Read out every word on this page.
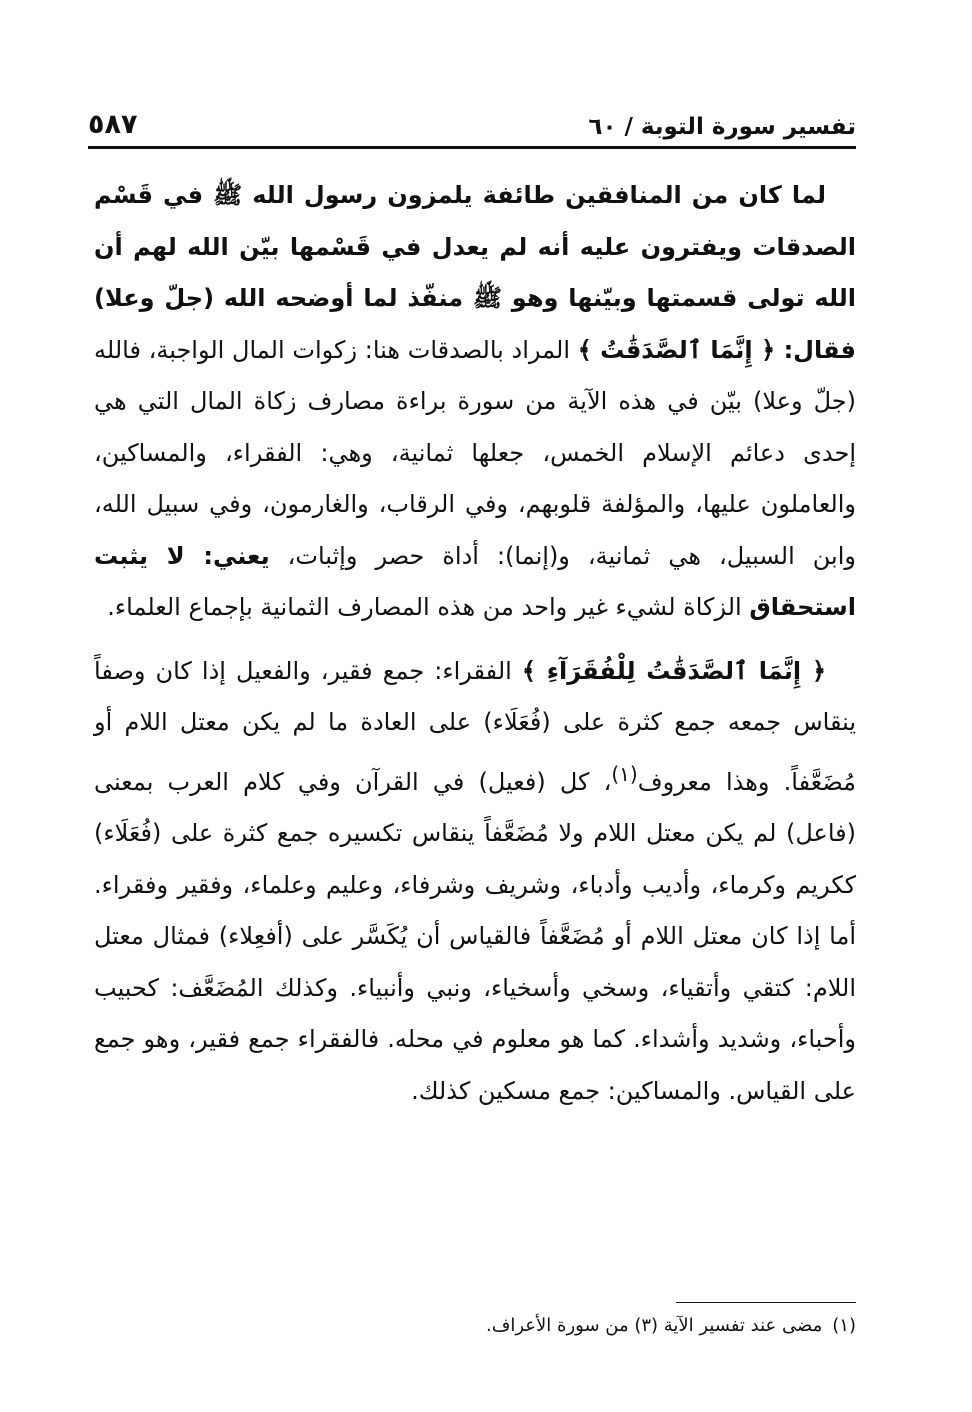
تفسير سورة التوبة / ٦٠
٥٨٧

لما كان من المنافقين طائفة يلمزون رسول الله ﷺ في قَسْم الصدقات ويفترون عليه أنه لم يعدل في قَسْمها بيّن الله لهم أن الله تولى قسمتها وبيّنها وهو ﷺ منفّذ لما أوضحه الله (جلّ وعلا) فقال: ﴿ إِنَّمَا ٱلصَّدَقَٰتُ ﴾ المراد بالصدقات هنا: زكوات المال الواجبة، فالله (جلّ وعلا) بيّن في هذه الآية من سورة براءة مصارف زكاة المال التي هي إحدى دعائم الإسلام الخمس، جعلها ثمانية، وهي: الفقراء، والمساكين، والعاملون عليها، والمؤلفة قلوبهم، وفي الرقاب، والغارمون، وفي سبيل الله، وابن السبيل، هي ثمانية، و(إنما): أداة حصر وإثبات، يعني: لا يثبت استحقاق الزكاة لشيء غير واحد من هذه المصارف الثمانية بإجماع العلماء.

﴿ إِنَّمَا ٱلصَّدَقَٰتُ لِلْفُقَرَآءِ ﴾ الفقراء: جمع فقير، والفعيل إذا كان وصفاً ينقاس جمعه جمع كثرة على (فُعَلَاء) على العادة ما لم يكن معتل اللام أو مُضَعَّفاً. وهذا معروف$^{(١)}$، كل (فعيل) في القرآن وفي كلام العرب بمعنى (فاعل) لم يكن معتل اللام ولا مُضَعَّفاً ينقاس تكسيره جمع كثرة على (فُعَلَاء) ككريم وكرماء، وأديب وأدباء، وشريف وشرفاء، وعليم وعلماء، وفقير وفقراء. أما إذا كان معتل اللام أو مُضَعَّفاً فالقياس أن يُكَسَّر على (أفعِلاء) فمثال معتل اللام: كتقي وأتقياء، وسخي وأسخياء، ونبي وأنبياء. وكذلك المُضَعَّف: كحبيب وأحباء، وشديد وأشداء. كما هو معلوم في محله. فالفقراء جمع فقير، وهو جمع على القياس. والمساكين: جمع مسكين كذلك.

(١)مضى عند تفسير الآية (٣) من سورة الأعراف.
